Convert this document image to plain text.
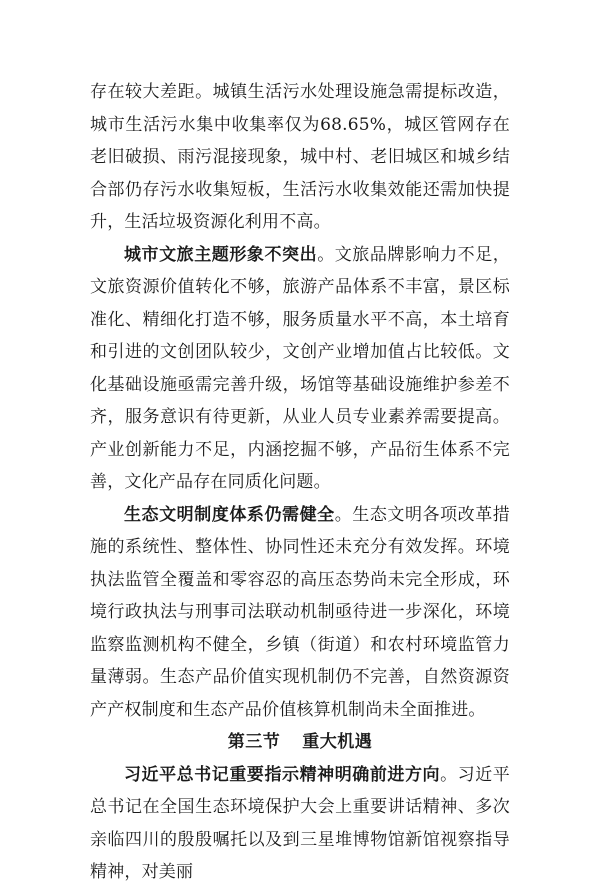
存在较大差距。城镇生活污水处理设施急需提标改造，城市生活污水集中收集率仅为68.65%，城区管网存在老旧破损、雨污混接现象，城中村、老旧城区和城乡结合部仍存污水收集短板，生活污水收集效能还需加快提升，生活垃圾资源化利用不高。

城市文旅主题形象不突出。文旅品牌影响力不足，文旅资源价值转化不够，旅游产品体系不丰富，景区标准化、精细化打造不够，服务质量水平不高，本土培育和引进的文创团队较少，文创产业增加值占比较低。文化基础设施亟需完善升级，场馆等基础设施维护参差不齐，服务意识有待更新，从业人员专业素养需要提高。产业创新能力不足，内涵挖掘不够，产品衍生体系不完善，文化产品存在同质化问题。

生态文明制度体系仍需健全。生态文明各项改革措施的系统性、整体性、协同性还未充分有效发挥。环境执法监管全覆盖和零容忍的高压态势尚未完全形成，环境行政执法与刑事司法联动机制亟待进一步深化，环境监察监测机构不健全，乡镇（街道）和农村环境监管力量薄弱。生态产品价值实现机制仍不完善，自然资源资产产权制度和生态产品价值核算机制尚未全面推进。

第三节 重大机遇

习近平总书记重要指示精神明确前进方向。习近平总书记在全国生态环境保护大会上重要讲话精神、多次亲临四川的殷殷嘱托以及到三星堆博物馆新馆视察指导精神，对美丽
